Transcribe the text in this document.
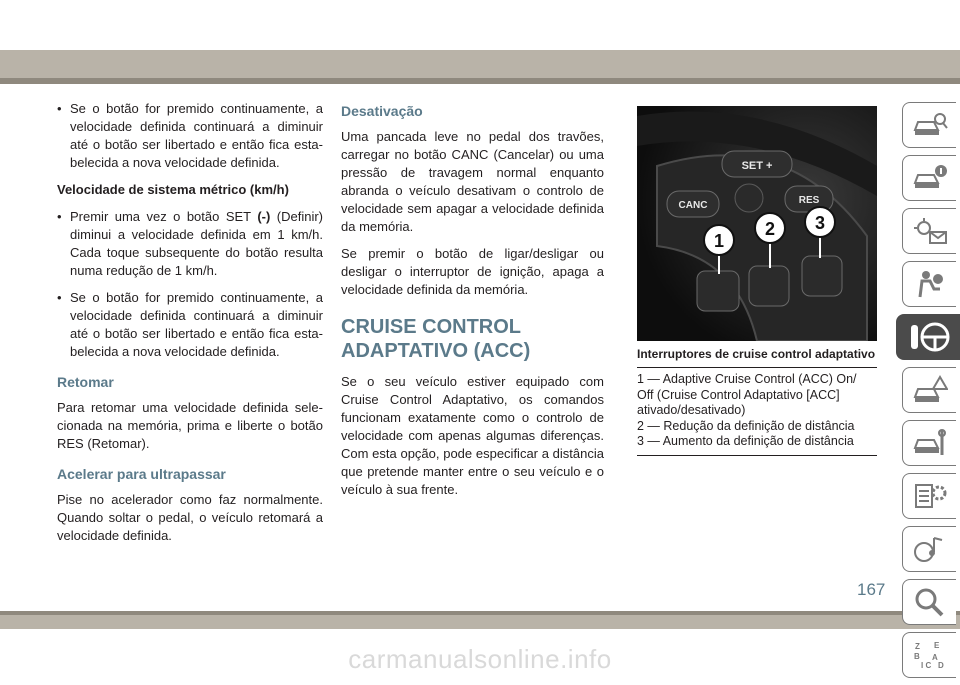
carmanualsonline.info
• Se o botão for premido continuamente, a velocidade definida continuará a diminuir até o botão ser libertado e então fica estabelecida a nova velocidade definida.
Velocidade de sistema métrico (km/h)
• Premir uma vez o botão SET (-) (Definir) diminui a velocidade definida em 1 km/h. Cada toque subsequente do botão resulta numa redução de 1 km/h.
• Se o botão for premido continuamente, a velocidade definida continuará a diminuir até o botão ser libertado e então fica estabelecida a nova velocidade definida.
Retomar

Para retomar uma velocidade definida selecionada na memória, prima e liberte o botão RES (Retomar).

Acelerar para ultrapassar

Pise no acelerador como faz normalmente. Quando soltar o pedal, o veículo retomará a velocidade definida.

Desativação

Uma pancada leve no pedal dos travões, carregar no botão CANC (Cancelar) ou uma pressão de travagem normal enquanto abranda o veículo desativam o controlo de velocidade sem apagar a velocidade definida da memória.

Se premir o botão de ligar/desligar ou desligar o interruptor de ignição, apaga a velocidade definida da memória.

CRUISE CONTROL
ADAPTATIVO (ACC)

Se o seu veículo estiver equipado com Cruise Control Adaptativo, os comandos funcionam exatamente como o controlo de velocidade com apenas algumas diferenças. Com esta opção, pode especificar a distância que pretende manter entre o seu veículo e o veículo à sua frente.

SET +
CANC	RES
1
2 3
Interruptores de cruise control adaptativo

1 — Adaptive Cruise Control (ACC) On/

Off (Cruise Control Adaptativo [ACC]

ativado/desativado)

2 — Redução da definição de distância

3 — Aumento da definição de distância

Z E
B A
I C D
167
